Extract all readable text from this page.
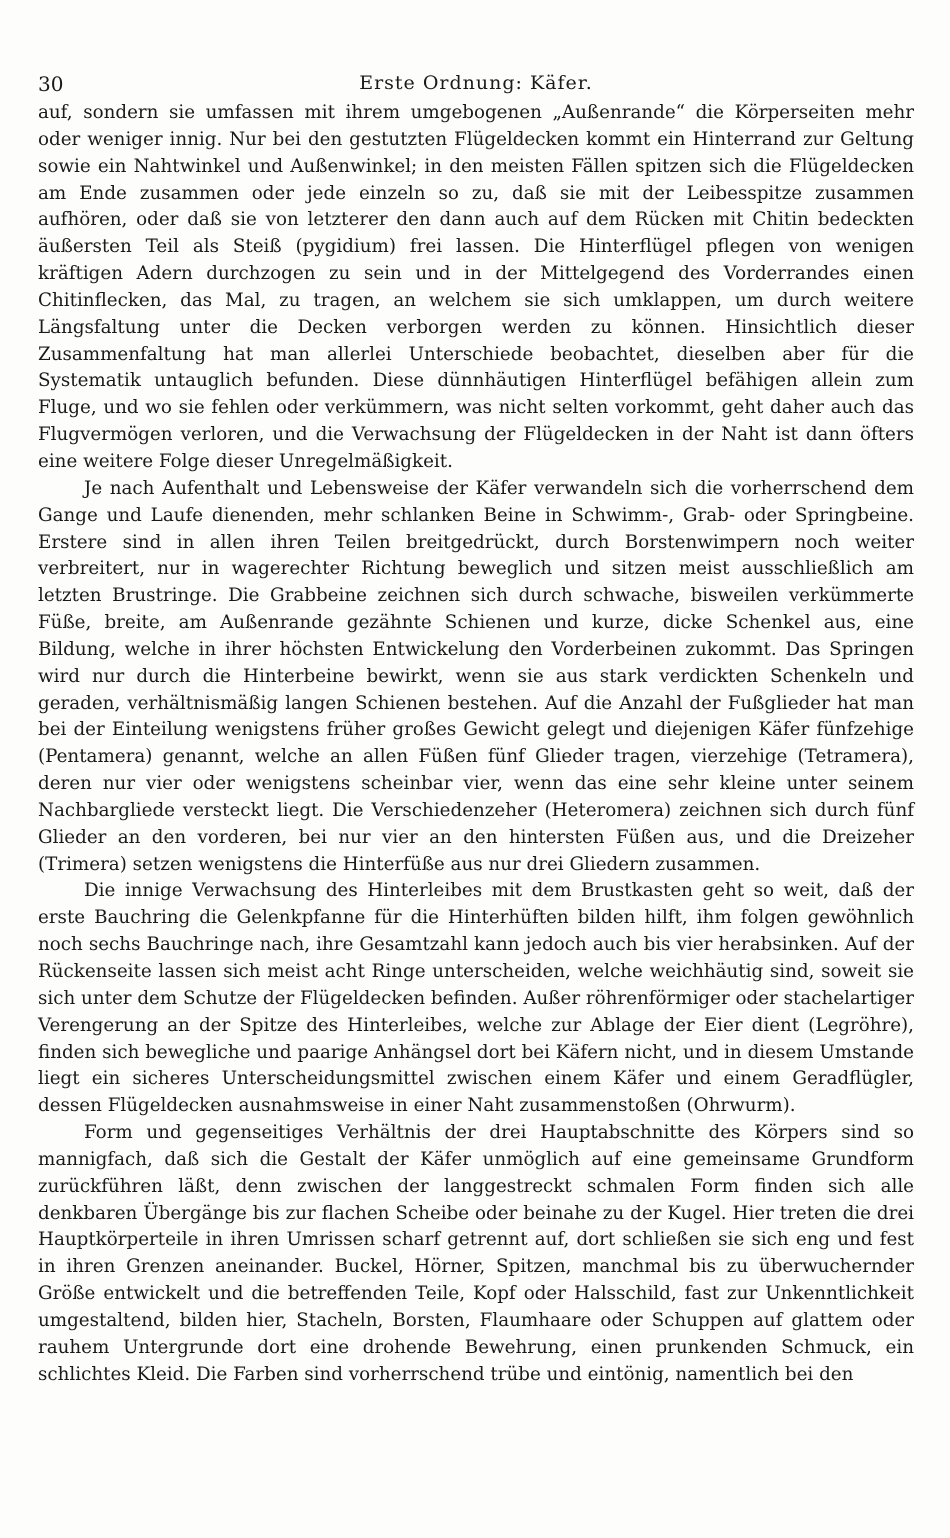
30	Erste Ordnung: Käfer.

auf, sondern sie umfassen mit ihrem umgebogenen „Außenrande“ die Körperseiten mehr oder weniger innig. Nur bei den gestutzten Flügeldecken kommt ein Hinterrand zur Geltung sowie ein Nahtwinkel und Außenwinkel; in den meisten Fällen spitzen sich die Flügeldecken am Ende zusammen oder jede einzeln so zu, daß sie mit der Leibesspitze zusammen aufhören, oder daß sie von letzterer den dann auch auf dem Rücken mit Chitin bedeckten äußersten Teil als Steiß (pygidium) frei lassen. Die Hinterflügel pflegen von wenigen kräftigen Adern durchzogen zu sein und in der Mittelgegend des Vorderrandes einen Chitinflecken, das Mal, zu tragen, an welchem sie sich umklappen, um durch weitere Längsfaltung unter die Decken verborgen werden zu können. Hinsichtlich dieser Zusammenfaltung hat man allerlei Unterschiede beobachtet, dieselben aber für die Systematik untauglich befunden. Diese dünnhäutigen Hinterflügel befähigen allein zum Fluge, und wo sie fehlen oder verkümmern, was nicht selten vorkommt, geht daher auch das Flugvermögen verloren, und die Verwachsung der Flügeldecken in der Naht ist dann öfters eine weitere Folge dieser Unregelmäßigkeit.

Je nach Aufenthalt und Lebensweise der Käfer verwandeln sich die vorherrschend dem Gange und Laufe dienenden, mehr schlanken Beine in Schwimm-, Grab- oder Springbeine. Erstere sind in allen ihren Teilen breitgedrückt, durch Borstenwimpern noch weiter verbreitert, nur in wagerechter Richtung beweglich und sitzen meist ausschließlich am letzten Brustringe. Die Grabbeine zeichnen sich durch schwache, bisweilen verkümmerte Füße, breite, am Außenrande gezähnte Schienen und kurze, dicke Schenkel aus, eine Bildung, welche in ihrer höchsten Entwickelung den Vorderbeinen zukommt. Das Springen wird nur durch die Hinterbeine bewirkt, wenn sie aus stark verdickten Schenkeln und geraden, verhältnismäßig langen Schienen bestehen. Auf die Anzahl der Fußglieder hat man bei der Einteilung wenigstens früher großes Gewicht gelegt und diejenigen Käfer fünfzehige (Pentamera) genannt, welche an allen Füßen fünf Glieder tragen, vierzehige (Tetramera), deren nur vier oder wenigstens scheinbar vier, wenn das eine sehr kleine unter seinem Nachbargliede versteckt liegt. Die Verschiedenzeher (Heteromera) zeichnen sich durch fünf Glieder an den vorderen, bei nur vier an den hintersten Füßen aus, und die Dreizeher (Trimera) setzen wenigstens die Hinterfüße aus nur drei Gliedern zusammen.

Die innige Verwachsung des Hinterleibes mit dem Brustkasten geht so weit, daß der erste Bauchring die Gelenkpfanne für die Hinterhüften bilden hilft, ihm folgen gewöhnlich noch sechs Bauchringe nach, ihre Gesamtzahl kann jedoch auch bis vier herabsinken. Auf der Rückenseite lassen sich meist acht Ringe unterscheiden, welche weichhäutig sind, soweit sie sich unter dem Schutze der Flügeldecken befinden. Außer röhrenförmiger oder stachelartiger Verengerung an der Spitze des Hinterleibes, welche zur Ablage der Eier dient (Legröhre), finden sich bewegliche und paarige Anhängsel dort bei Käfern nicht, und in diesem Umstande liegt ein sicheres Unterscheidungsmittel zwischen einem Käfer und einem Geradflügler, dessen Flügeldecken ausnahmsweise in einer Naht zusammenstoßen (Ohrwurm).

Form und gegenseitiges Verhältnis der drei Hauptabschnitte des Körpers sind so mannigfach, daß sich die Gestalt der Käfer unmöglich auf eine gemeinsame Grundform zurückführen läßt, denn zwischen der langgestreckt schmalen Form finden sich alle denkbaren Übergänge bis zur flachen Scheibe oder beinahe zu der Kugel. Hier treten die drei Hauptkörperteile in ihren Umrissen scharf getrennt auf, dort schließen sie sich eng und fest in ihren Grenzen aneinander. Buckel, Hörner, Spitzen, manchmal bis zu überwuchernder Größe entwickelt und die betreffenden Teile, Kopf oder Halsschild, fast zur Unkenntlichkeit umgestaltend, bilden hier, Stacheln, Borsten, Flaumhaare oder Schuppen auf glattem oder rauhem Untergrunde dort eine drohende Bewehrung, einen prunkenden Schmuck, ein schlichtes Kleid. Die Farben sind vorherrschend trübe und eintönig, namentlich bei den
